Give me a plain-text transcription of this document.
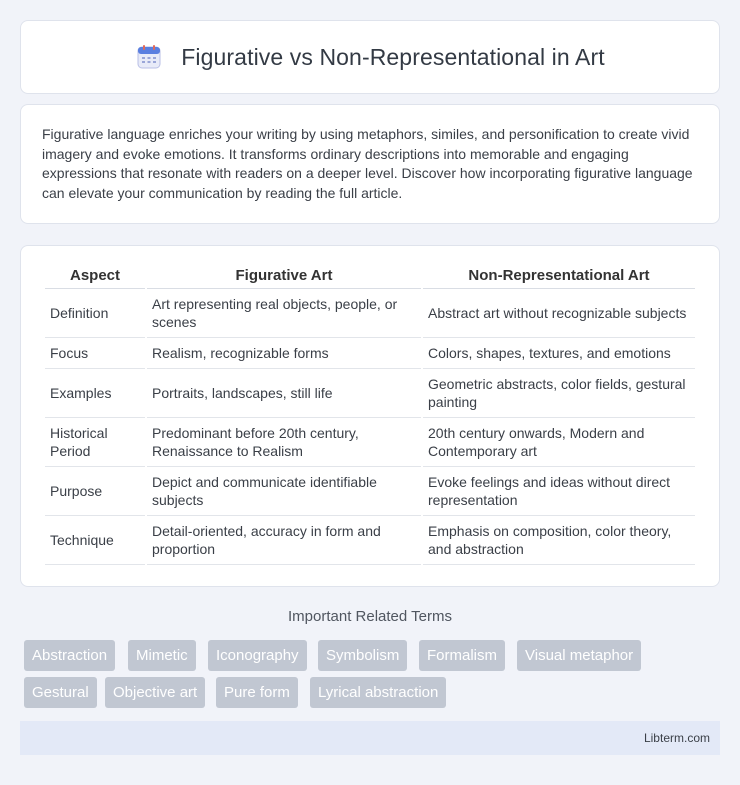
Figurative vs Non-Representational in Art

Figurative language enriches your writing by using metaphors, similes, and personification to create vivid imagery and evoke emotions. It transforms ordinary descriptions into memorable and engaging expressions that resonate with readers on a deeper level. Discover how incorporating figurative language can elevate your communication by reading the full article.

Aspect	Figurative Art	Non-Representational Art
Definition	Art representing real objects, people, or scenes	Abstract art without recognizable subjects
Focus	Realism, recognizable forms	Colors, shapes, textures, and emotions
Examples	Portraits, landscapes, still life	Geometric abstracts, color fields, gestural painting
Historical Period	Predominant before 20th century, Renaissance to Realism	20th century onwards, Modern and Contemporary art
Purpose	Depict and communicate identifiable subjects	Evoke feelings and ideas without direct representation
Technique	Detail-oriented, accuracy in form and proportion	Emphasis on composition, color theory, and abstraction
Important Related Terms
Abstraction	Mimetic	Iconography	Symbolism	Formalism	Visual metaphor
Gestural	Objective art	Pure form	Lyrical abstraction
Libterm.com
